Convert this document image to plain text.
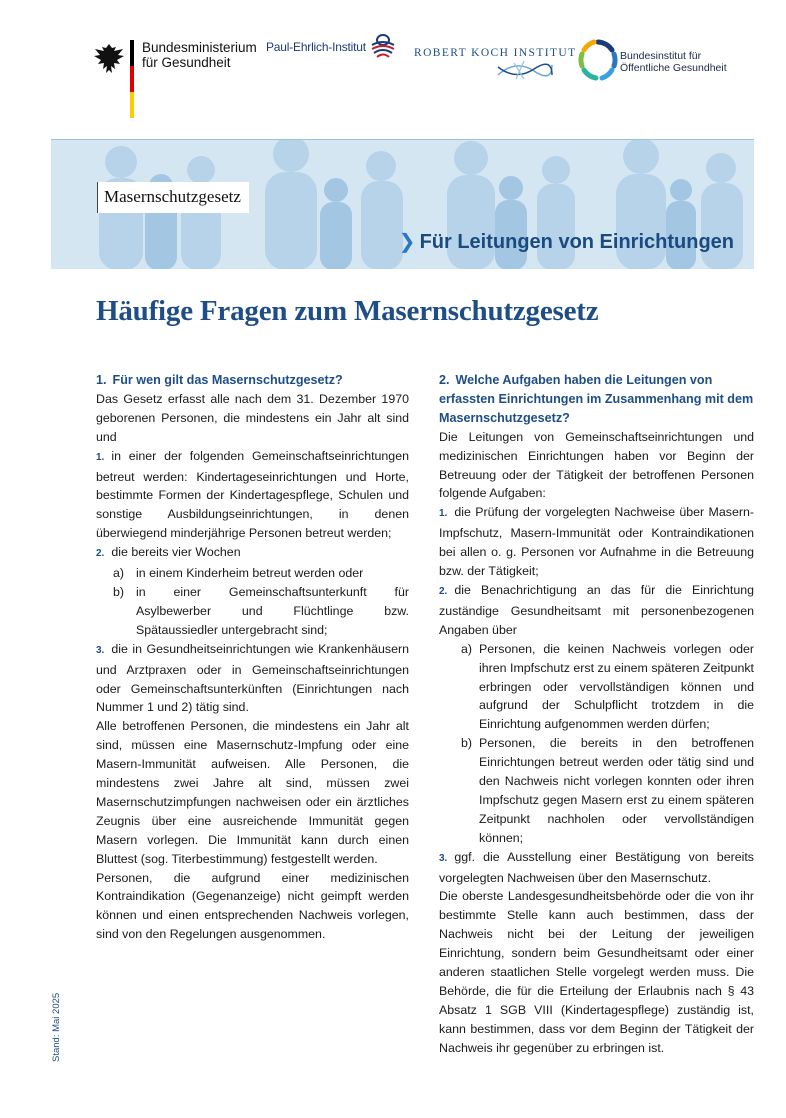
Bundesministerium
für Gesundheit
Paul-Ehrlich-Institut	ROBERT KOCH INSTITUT	Bundesinstitut für
Öffentliche Gesundheit
Masernschutzgesetz
❯ Für Leitungen von Einrichtungen
Häufige Fragen zum Masernschutzgesetz
1. Für wen gilt das Masernschutzgesetz?

Das Gesetz erfasst alle nach dem 31. Dezember 1970 geborenen Personen, die mindestens ein Jahr alt sind und

1. in einer der folgenden Gemeinschaftseinrichtungen betreut werden: Kindertageseinrichtungen und Horte, bestimmte Formen der Kindertagespflege, Schulen und sonstige Ausbildungseinrichtungen, in denen überwiegend minderjährige Personen betreut werden;

2. die bereits vier Wochen

a) in einem Kinderheim betreut werden oder
b) in einer Gemeinschaftsunterkunft für Asylbewerber und Flüchtlinge bzw. Spätaussiedler untergebracht sind;

3. die in Gesundheitseinrichtungen wie Krankenhäusern und Arztpraxen oder in Gemeinschaftseinrichtungen oder Gemeinschaftsunterkünften (Einrichtungen nach Nummer 1 und 2) tätig sind.

Alle betroffenen Personen, die mindestens ein Jahr alt sind, müssen eine Masernschutz-Impfung oder eine Masern-Immunität aufweisen. Alle Personen, die mindestens zwei Jahre alt sind, müssen zwei Masernschutzimpfungen nachweisen oder ein ärztliches Zeugnis über eine ausreichende Immunität gegen Masern vorlegen. Die Immunität kann durch einen Bluttest (sog. Titerbestimmung) festgestellt werden.

Personen, die aufgrund einer medizinischen Kontraindikation (Gegenanzeige) nicht geimpft werden können und einen entsprechenden Nachweis vorlegen, sind von den Regelungen ausgenommen.

2. Welche Aufgaben haben die Leitungen von erfassten Einrichtungen im Zusammenhang mit dem Masernschutzgesetz?

Die Leitungen von Gemeinschaftseinrichtungen und medizinischen Einrichtungen haben vor Beginn der Betreuung oder der Tätigkeit der betroffenen Personen folgende Aufgaben:

1. die Prüfung der vorgelegten Nachweise über Masern-Impfschutz, Masern-Immunität oder Kontraindikationen bei allen o. g. Personen vor Aufnahme in die Betreuung bzw. der Tätigkeit;

2. die Benachrichtigung an das für die Einrichtung zuständige Gesundheitsamt mit personenbezogenen Angaben über

a) Personen, die keinen Nachweis vorlegen oder ihren Impfschutz erst zu einem späteren Zeitpunkt erbringen oder vervollständigen können und aufgrund der Schulpflicht trotzdem in die Einrichtung aufgenommen werden dürfen;
b) Personen, die bereits in den betroffenen Einrichtungen betreut werden oder tätig sind und den Nachweis nicht vorlegen konnten oder ihren Impfschutz gegen Masern erst zu einem späteren Zeitpunkt nachholen oder vervollständigen können;

3. ggf. die Ausstellung einer Bestätigung von bereits vorgelegten Nachweisen über den Masernschutz.

Die oberste Landesgesundheitsbehörde oder die von ihr bestimmte Stelle kann auch bestimmen, dass der Nachweis nicht bei der Leitung der jeweiligen Einrichtung, sondern beim Gesundheitsamt oder einer anderen staatlichen Stelle vorgelegt werden muss. Die Behörde, die für die Erteilung der Erlaubnis nach § 43 Absatz 1 SGB VIII (Kindertagespflege) zuständig ist, kann bestimmen, dass vor dem Beginn der Tätigkeit der Nachweis ihr gegenüber zu erbringen ist.

Stand: Mai 2025
